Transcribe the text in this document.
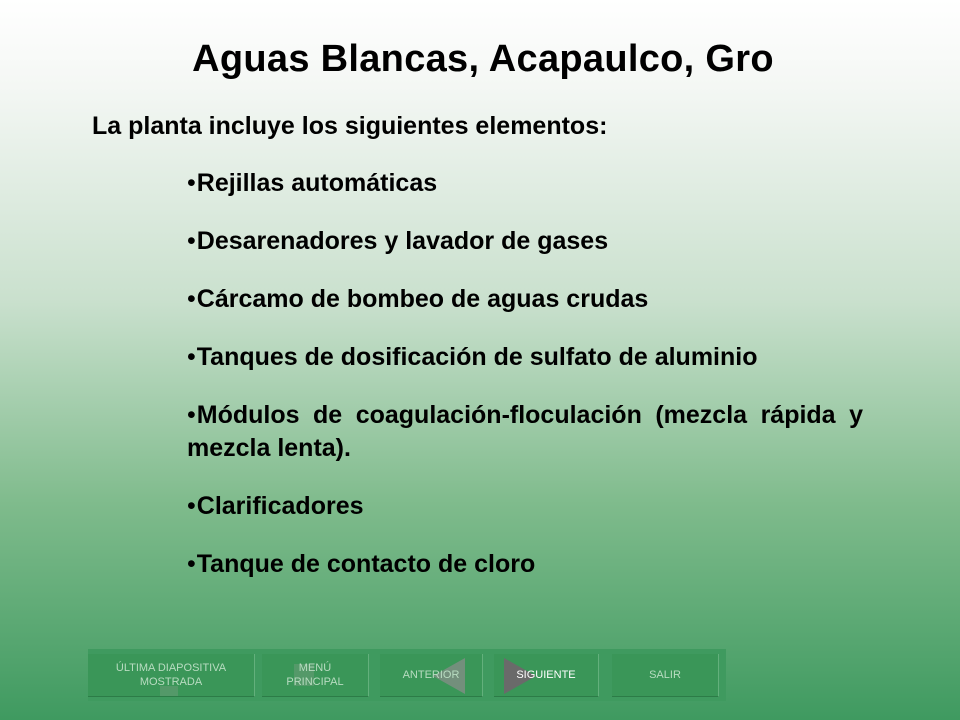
Aguas Blancas, Acapaulco, Gro
La planta incluye los siguientes elementos:
•Rejillas automáticas
•Desarenadores y lavador de gases
•Cárcamo de bombeo de aguas crudas
•Tanques de dosificación de sulfato de aluminio
•Módulos de coagulación-floculación (mezcla rápida y mezcla lenta).
•Clarificadores
•Tanque de contacto de cloro
ÚLTIMA DIAPOSITIVA
MOSTRADA
MENÚ
PRINCIPAL
ANTERIOR	SIGUIENTE	SALIR
